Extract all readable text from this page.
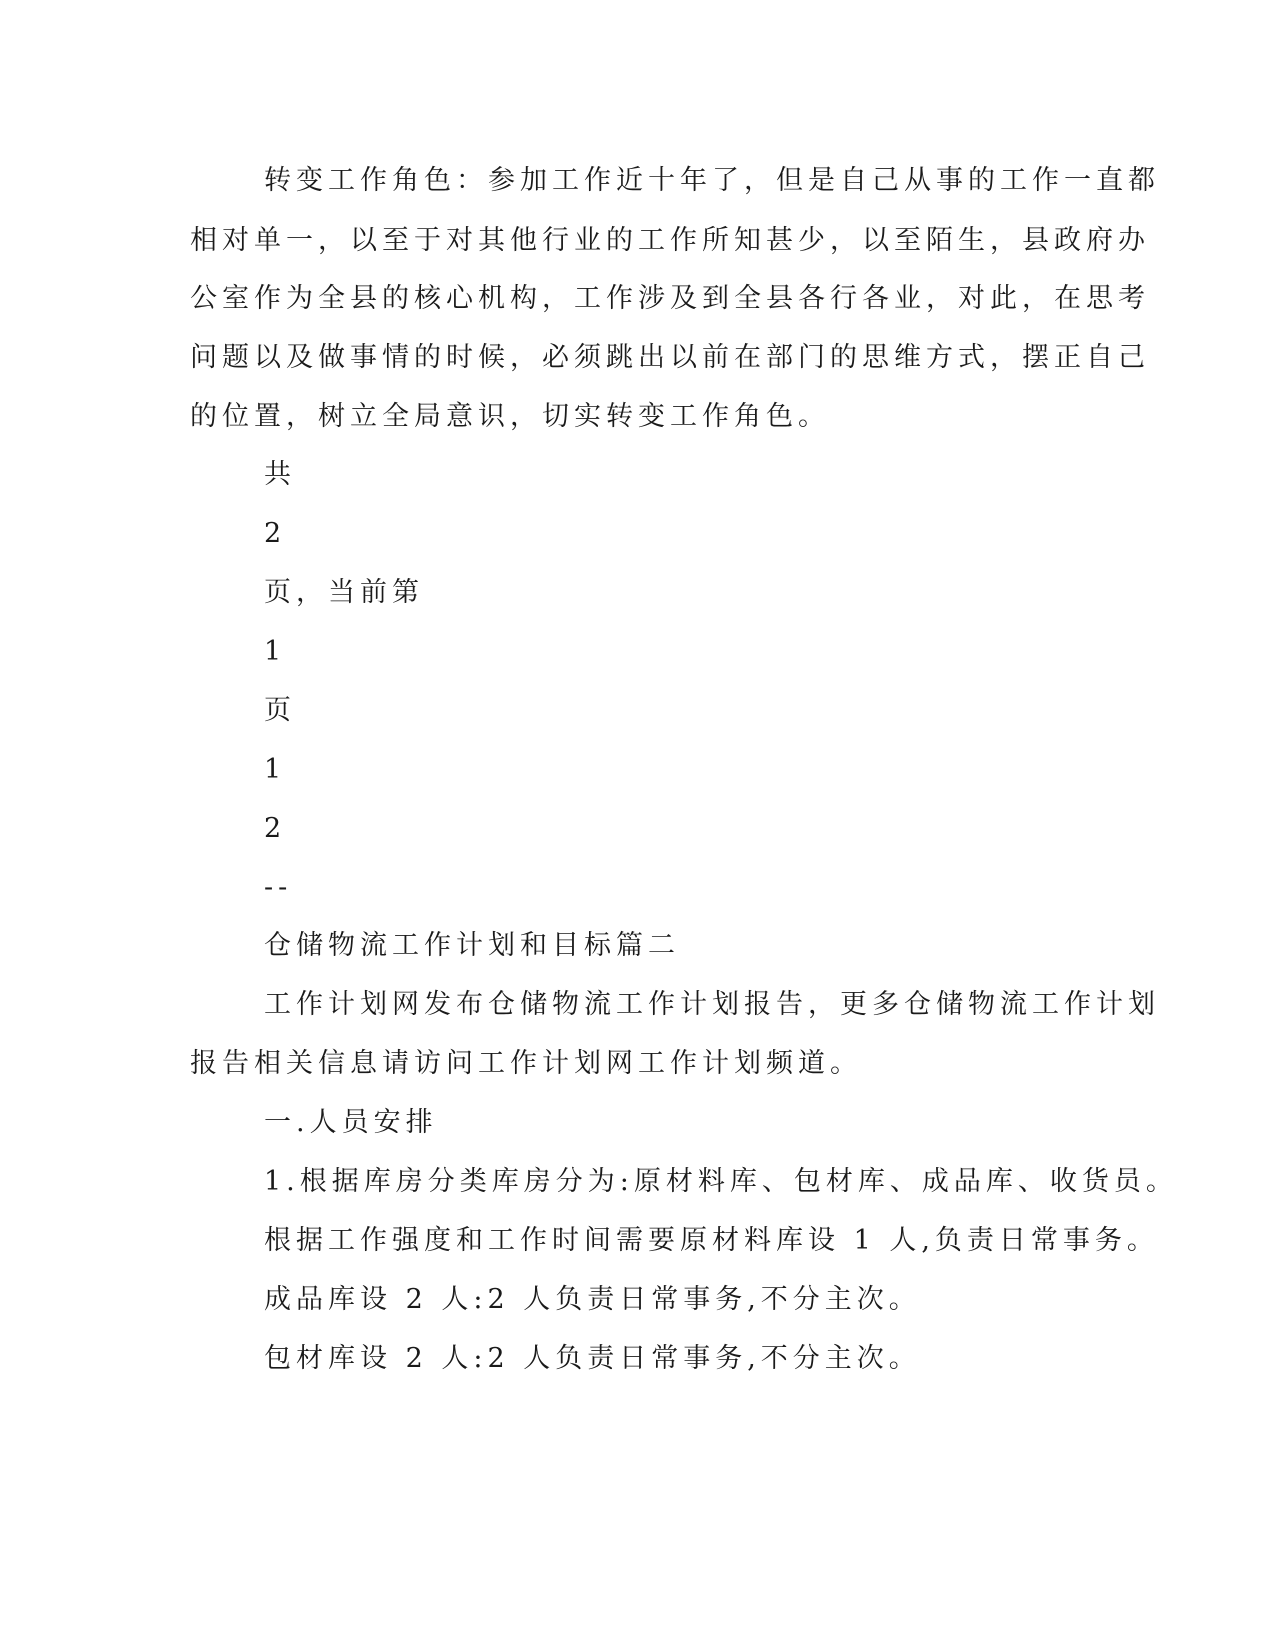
转变工作角色：参加工作近十年了，但是自己从事的工作一直都
相对单一，以至于对其他行业的工作所知甚少，以至陌生，县政府办
公室作为全县的核心机构，工作涉及到全县各行各业，对此，在思考
问题以及做事情的时候，必须跳出以前在部门的思维方式，摆正自己
的位置，树立全局意识，切实转变工作角色。
共
2
页，当前第
1
页
1
2
--
仓储物流工作计划和目标篇二
工作计划网发布仓储物流工作计划报告，更多仓储物流工作计划
报告相关信息请访问工作计划网工作计划频道。
一.人员安排
1.根据库房分类库房分为:原材料库、包材库、成品库、收货员。
根据工作强度和工作时间需要原材料库设 1 人,负责日常事务。
成品库设 2 人:2 人负责日常事务,不分主次。
包材库设 2 人:2 人负责日常事务,不分主次。
